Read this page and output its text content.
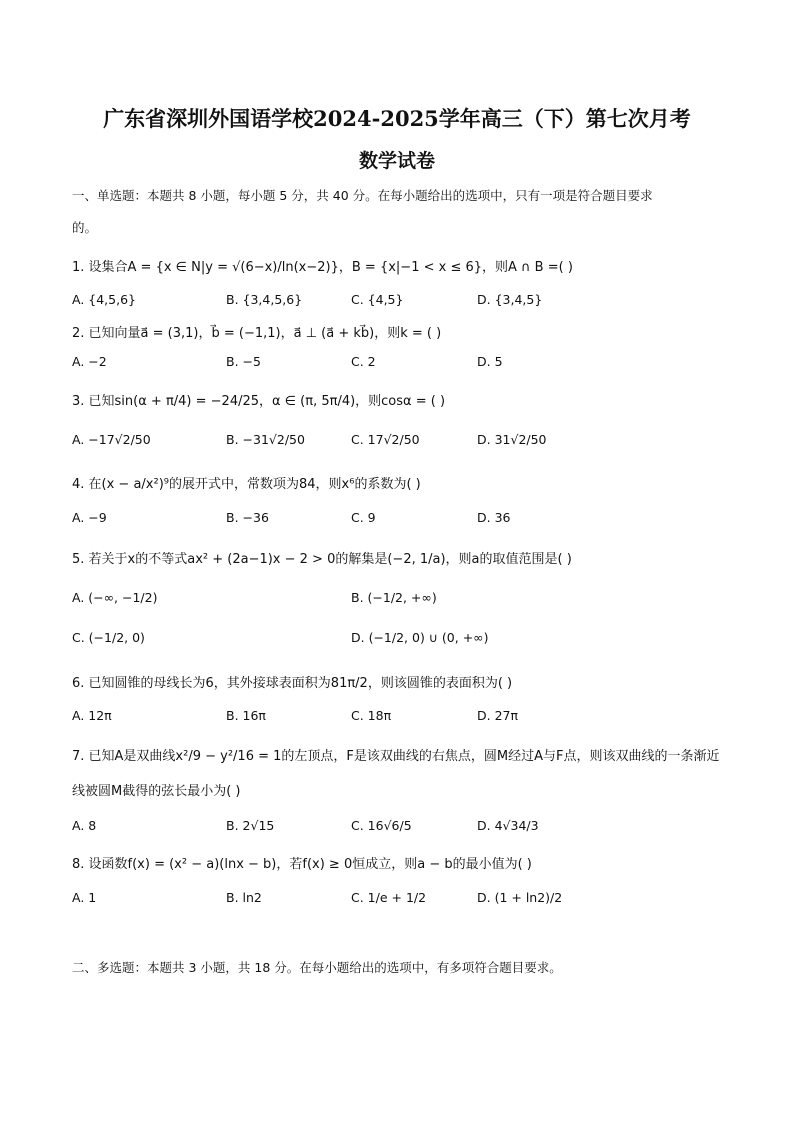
广东省深圳外国语学校2024-2025学年高三（下）第七次月考
数学试卷
一、单选题：本题共 8 小题，每小题 5 分，共 40 分。在每小题给出的选项中，只有一项是符合题目要求
的。
1. 设集合A = {x ∈ N|y = √(6−x)/ln(x−2)}，B = {x|−1 < x ≤ 6}，则A ∩ B =( )
A. {4,5,6}	B. {3,4,5,6}	C. {4,5}	D. {3,4,5}
2. 已知向量a⃗ = (3,1)，b⃗ = (−1,1)，a⃗ ⊥ (a⃗ + kb⃗)，则k = ( )
A. −2	B. −5	C. 2	D. 5
3. 已知sin(α + π/4) = −24/25，α ∈ (π, 5π/4)，则cosα = ( )
A. −17√2/50	B. −31√2/50	C. 17√2/50	D. 31√2/50
4. 在(x − a/x²)⁹的展开式中，常数项为84，则x⁶的系数为( )
A. −9	B. −36	C. 9	D. 36
5. 若关于x的不等式ax² + (2a−1)x − 2 > 0的解集是(−2, 1/a)，则a的取值范围是( )
A. (−∞, −1/2)	B. (−1/2, +∞)
C. (−1/2, 0)	D. (−1/2, 0) ∪ (0, +∞)
6. 已知圆锥的母线长为6，其外接球表面积为81π/2，则该圆锥的表面积为( )
A. 12π	B. 16π	C. 18π	D. 27π
7. 已知A是双曲线x²/9 − y²/16 = 1的左顶点，F是该双曲线的右焦点，圆M经过A与F点，则该双曲线的一条渐近
线被圆M截得的弦长最小为( )
A. 8	B. 2√15	C. 16√6/5	D. 4√34/3
8. 设函数f(x) = (x² − a)(lnx − b)，若f(x) ≥ 0恒成立，则a − b的最小值为( )
A. 1	B. ln2	C. 1/e + 1/2	D. (1 + ln2)/2
二、多选题：本题共 3 小题，共 18 分。在每小题给出的选项中，有多项符合题目要求。
